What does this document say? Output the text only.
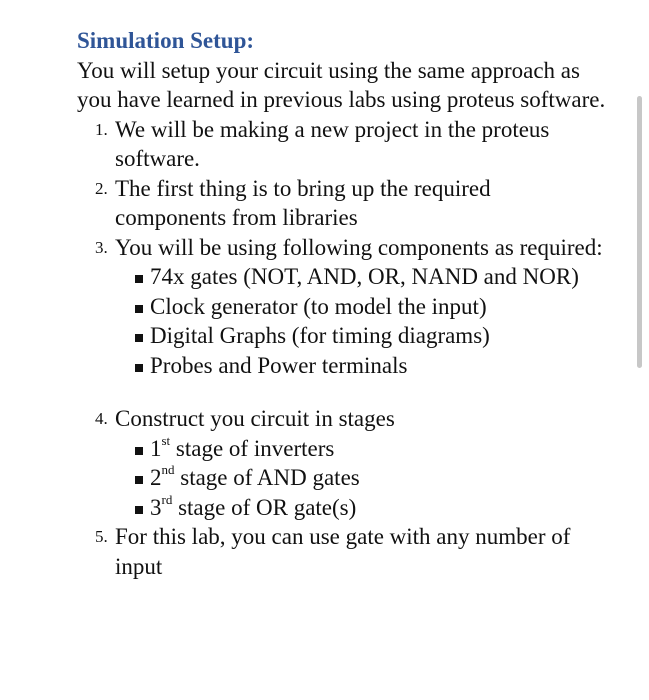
Simulation Setup:

You will setup your circuit using the same approach as you have learned in previous labs using proteus software.

1. We will be making a new project in the proteus software.
2. The first thing is to bring up the required components from libraries
3. You will be using following components as required:
74x gates (NOT, AND, OR, NAND and NOR)
Clock generator (to model the input)
Digital Graphs (for timing diagrams)
Probes and Power terminals
4. Construct you circuit in stages
1st stage of inverters
2nd stage of AND gates
3rd stage of OR gate(s)
5. For this lab, you can use gate with any number of input
